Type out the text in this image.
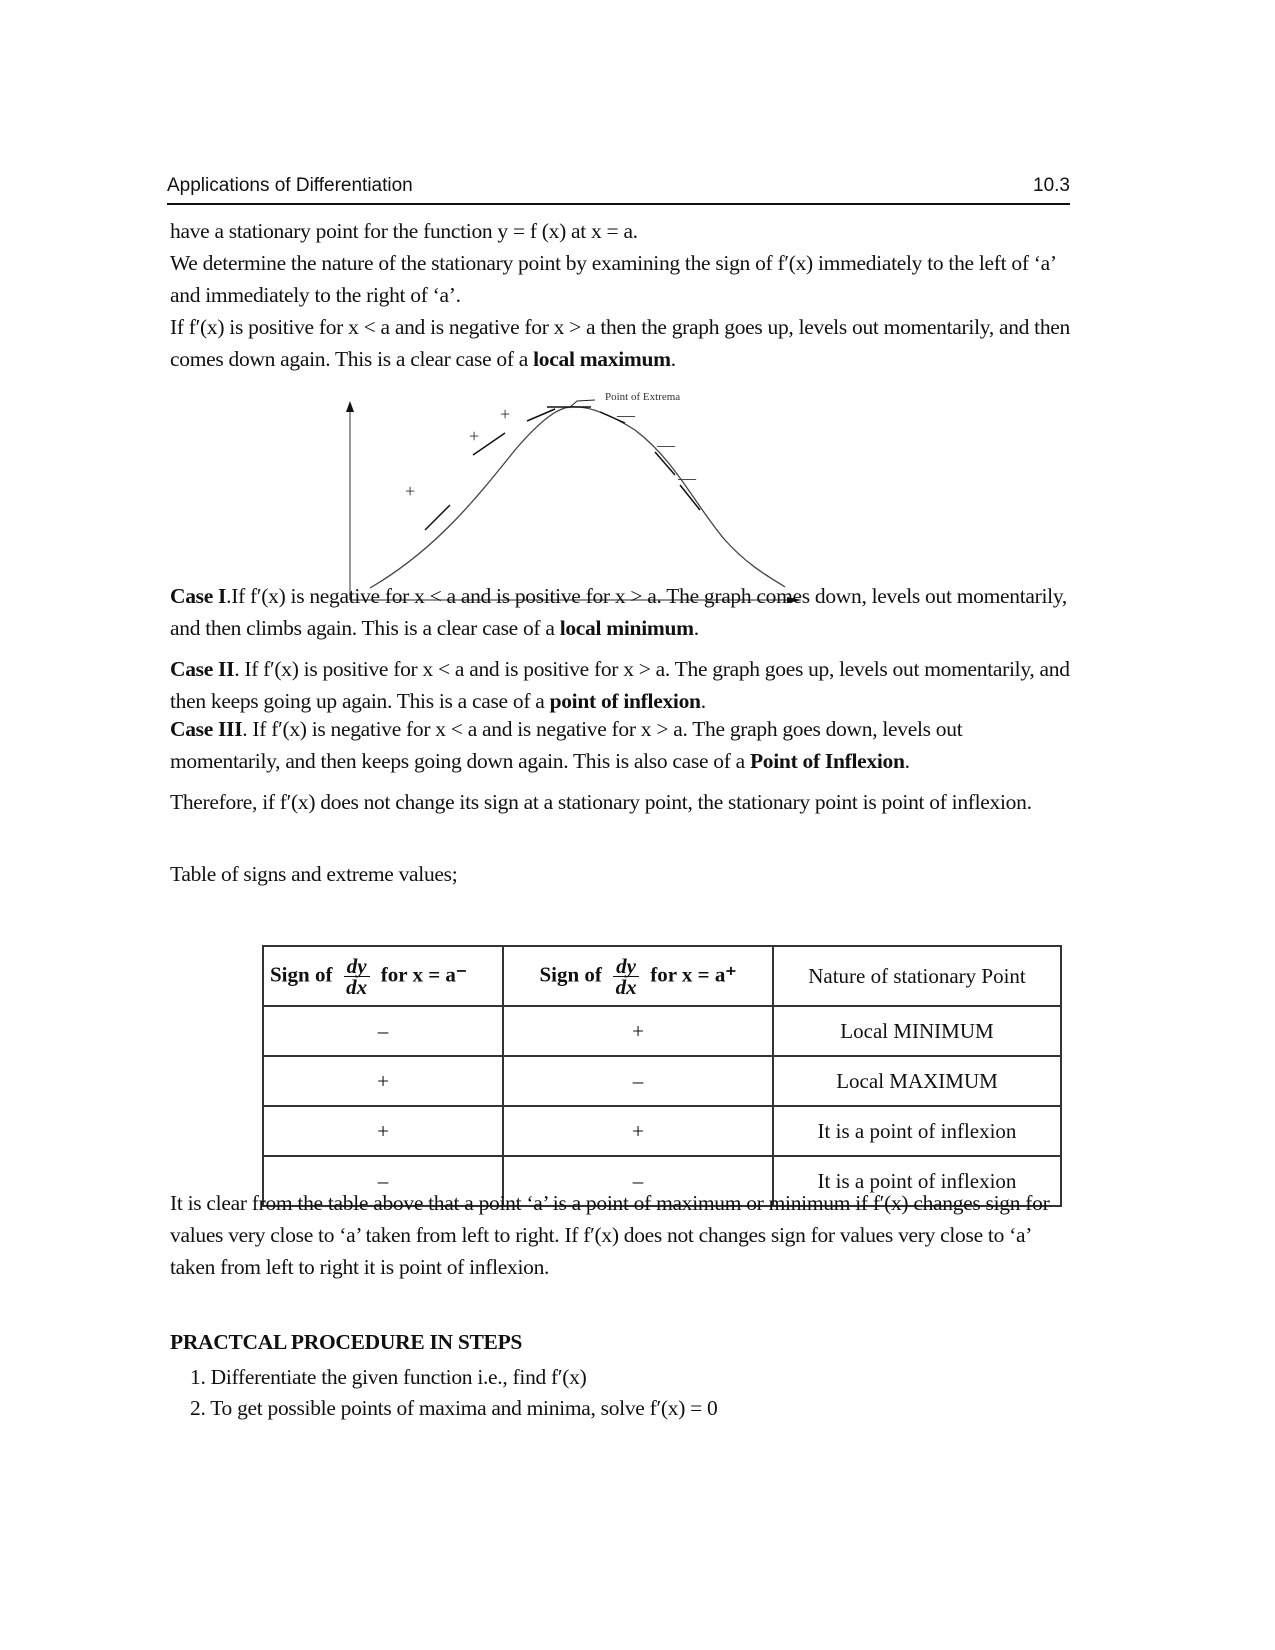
Applications of Differentiation	10.3
have a stationary point for the function y = f (x) at x = a.
We determine the nature of the stationary point by examining the sign of f′(x) immediately to the left of ‘a’ and immediately to the right of ‘a’.
If f′(x) is positive for x < a and is negative for x > a then the graph goes up, levels out momentarily, and then comes down again. This is a clear case of a local maximum.
+
+
+	—
—
—
Point of Extrema
Case I.If f′(x) is negative for x < a and is positive for x > a. The graph comes down, levels out momentarily, and then climbs again. This is a clear case of a local minimum.
Case II. If f′(x) is positive for x < a and is positive for x > a. The graph goes up, levels out momentarily, and then keeps going up again. This is a case of a point of inflexion.
Case III. If f′(x) is negative for x < a and is negative for x > a. The graph goes down, levels out momentarily, and then keeps going down again. This is also case of a Point of Inflexion.
Therefore, if f′(x) does not change its sign at a stationary point, the stationary point is point of inflexion.
Table of signs and extreme values;
Sign of $\frac{dy}{dx}$ for x = a⁻	Sign of $\frac{dy}{dx}$ for x = a⁺	Nature of stationary Point
–	+	Local MINIMUM
+	–	Local MAXIMUM
+	+	It is a point of inflexion
–	–	It is a point of inflexion
It is clear from the table above that a point ‘a’ is a point of maximum or minimum if f′(x) changes sign for values very close to ‘a’ taken from left to right. If f′(x) does not changes sign for values very close to ‘a’ taken from left to right it is point of inflexion.
PRACTCAL PROCEDURE IN STEPS
1. Differentiate the given function i.e., find f′(x)
2. To get possible points of maxima and minima, solve f′(x) = 0
